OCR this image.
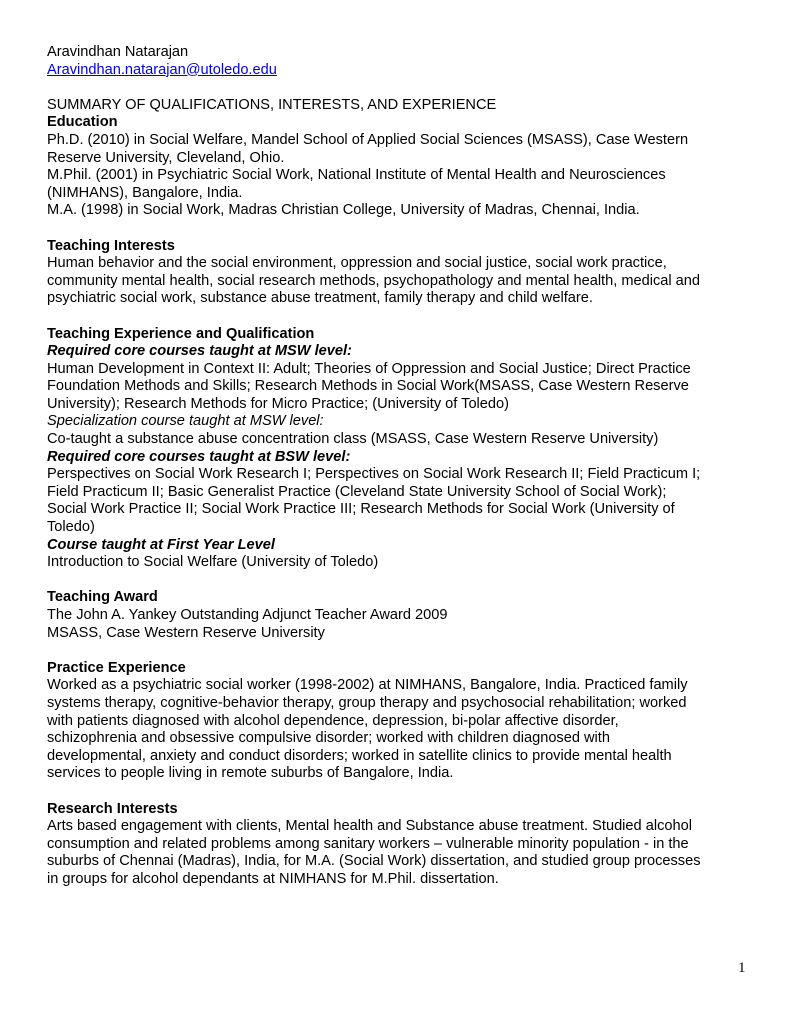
Aravindhan Natarajan

Aravindhan.natarajan@utoledo.edu

SUMMARY OF QUALIFICATIONS, INTERESTS, AND EXPERIENCE

Education

Ph.D. (2010) in Social Welfare, Mandel School of Applied Social Sciences (MSASS), Case Western

Reserve University, Cleveland, Ohio.

M.Phil. (2001) in Psychiatric Social Work, National Institute of Mental Health and Neurosciences

(NIMHANS), Bangalore, India.

M.A. (1998) in Social Work, Madras Christian College, University of Madras, Chennai, India.

Teaching Interests

Human behavior and the social environment, oppression and social justice, social work practice,

community mental health, social research methods, psychopathology and mental health, medical and

psychiatric social work, substance abuse treatment, family therapy and child welfare.

Teaching Experience and Qualification

Required core courses taught at MSW level:

Human Development in Context II: Adult; Theories of Oppression and Social Justice; Direct Practice

Foundation Methods and Skills; Research Methods in Social Work(MSASS, Case Western Reserve

University); Research Methods for Micro Practice; (University of Toledo)

Specialization course taught at MSW level:

Co-taught a substance abuse concentration class (MSASS, Case Western Reserve University)

Required core courses taught at BSW level:

Perspectives on Social Work Research I; Perspectives on Social Work Research II; Field Practicum I;

Field Practicum II; Basic Generalist Practice (Cleveland State University School of Social Work);

Social Work Practice II; Social Work Practice III; Research Methods for Social Work (University of

Toledo)

Course taught at First Year Level

Introduction to Social Welfare (University of Toledo)

Teaching Award

The John A. Yankey Outstanding Adjunct Teacher Award 2009

MSASS, Case Western Reserve University

Practice Experience

Worked as a psychiatric social worker (1998-2002) at NIMHANS, Bangalore, India. Practiced family

systems therapy, cognitive-behavior therapy, group therapy and psychosocial rehabilitation; worked

with patients diagnosed with alcohol dependence, depression, bi-polar affective disorder,

schizophrenia and obsessive compulsive disorder; worked with children diagnosed with

developmental, anxiety and conduct disorders; worked in satellite clinics to provide mental health

services to people living in remote suburbs of Bangalore, India.

Research Interests

Arts based engagement with clients, Mental health and Substance abuse treatment. Studied alcohol

consumption and related problems among sanitary workers – vulnerable minority population - in the

suburbs of Chennai (Madras), India, for M.A. (Social Work) dissertation, and studied group processes

in groups for alcohol dependants at NIMHANS for M.Phil. dissertation.

1
